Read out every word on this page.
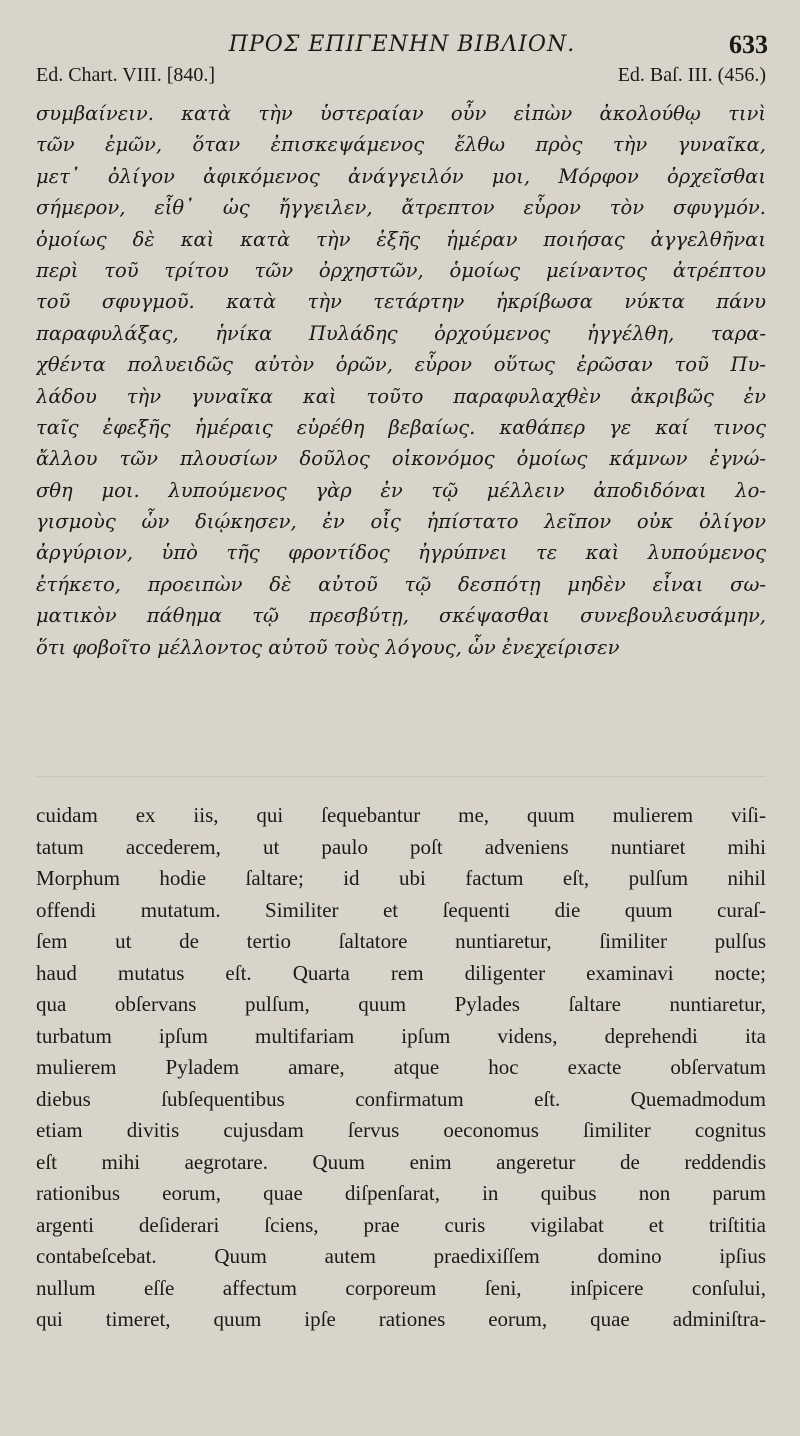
ΠΡΟΣ ΕΠΙΓΕΝΗΝ ΒΙΒΛΙΟΝ.	633
Ed. Chart. VIII. [840.]	Ed. Baſ. III. (456.)
συμβαίνειν. κατὰ τὴν ὑστεραίαν οὖν εἰπὼν ἀκολούθῳ τινὶ
τῶν ἐμῶν, ὅταν ἐπισκεψάμενος ἔλθω πρὸς τὴν γυναῖκα,
μετ᾽ ὀλίγον ἀφικόμενος ἀνάγγειλόν μοι, Μόρφον ὀρχεῖσθαι
σήμερον, εἶθ᾽ ὡς ἤγγειλεν, ἄτρεπτον εὗρον τὸν σφυγμόν.
ὁμοίως δὲ καὶ κατὰ τὴν ἑξῆς ἡμέραν ποιήσας ἀγγελθῆναι
περὶ τοῦ τρίτου τῶν ὀρχηστῶν, ὁμοίως μείναντος ἀτρέπτου
τοῦ σφυγμοῦ. κατὰ τὴν τετάρτην ἠκρίβωσα νύκτα πάνυ
παραφυλάξας, ἡνίκα Πυλάδης ὀρχούμενος ἠγγέλθη, ταρα-
χθέντα πολυειδῶς αὐτὸν ὁρῶν, εὗρον οὕτως ἐρῶσαν τοῦ Πυ-
λάδου τὴν γυναῖκα καὶ τοῦτο παραφυλαχθὲν ἀκριβῶς ἐν
ταῖς ἐφεξῆς ἡμέραις εὑρέθη βεβαίως. καθάπερ γε καί τινος
ἄλλου τῶν πλουσίων δοῦλος οἰκονόμος ὁμοίως κάμνων ἐγνώ-
σθη μοι. λυπούμενος γὰρ ἐν τῷ μέλλειν ἀποδιδόναι λο-
γισμοὺς ὧν διῴκησεν, ἐν οἷς ἠπίστατο λεῖπον οὐκ ὀλίγον
ἀργύριον, ὑπὸ τῆς φροντίδος ἠγρύπνει τε καὶ λυπούμενος
ἐτήκετο, προειπὼν δὲ αὐτοῦ τῷ δεσπότῃ μηδὲν εἶναι σω-
ματικὸν πάθημα τῷ πρεσβύτῃ, σκέψασθαι συνεβουλευσάμην,
ὅτι φοβοῖτο μέλλοντος αὐτοῦ τοὺς λόγους, ὧν ἐνεχείρισεν
cuidam ex iis, qui ſequebantur me, quum mulierem viſi-
tatum accederem, ut paulo poſt adveniens nuntiaret mihi
Morphum hodie ſaltare; id ubi factum eſt, pulſum nihil
offendi mutatum. Similiter et ſequenti die quum curaſ-
ſem ut de tertio ſaltatore nuntiaretur, ſimiliter pulſus
haud mutatus eſt. Quarta rem diligenter examinavi nocte;
qua obſervans pulſum, quum Pylades ſaltare nuntiaretur,
turbatum ipſum multifariam ipſum videns, deprehendi ita
mulierem Pyladem amare, atque hoc exacte obſervatum
diebus ſubſequentibus confirmatum eſt. Quemadmodum
etiam divitis cujusdam ſervus oeconomus ſimiliter cognitus
eſt mihi aegrotare. Quum enim angeretur de reddendis
rationibus eorum, quae diſpenſarat, in quibus non parum
argenti deſiderari ſciens, prae curis vigilabat et triſtitia
contabeſcebat. Quum autem praedixiſſem domino ipſius
nullum eſſe affectum corporeum ſeni, inſpicere conſului,
qui timeret, quum ipſe rationes eorum, quae adminiſtra-
